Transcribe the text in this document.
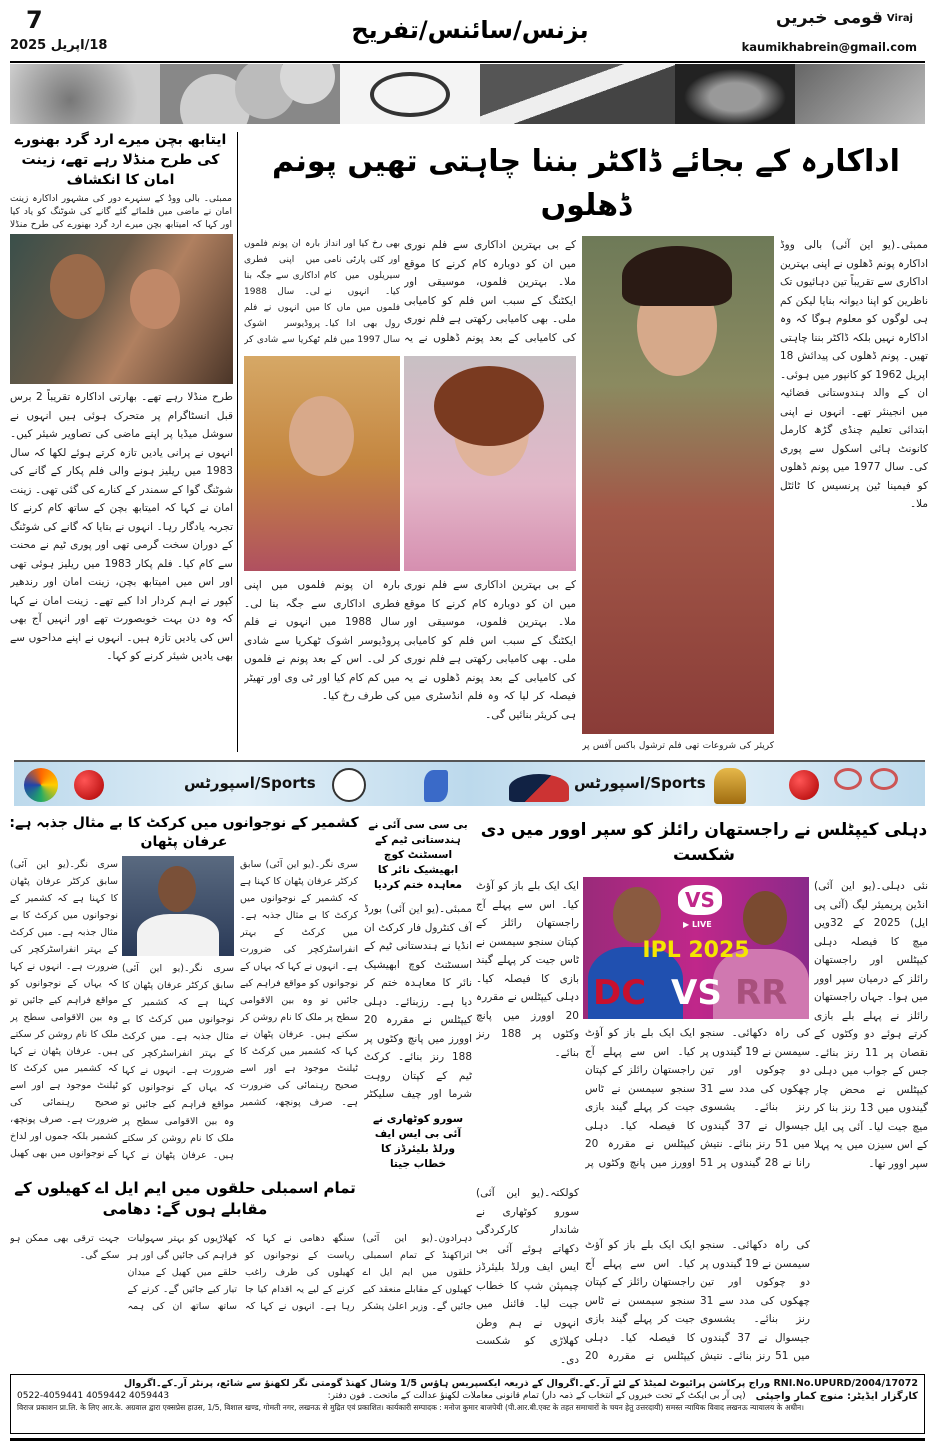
7
18/اپریل 2025
بزنس/سائنس/تفریح	قومی خبریں Viraj
kaumikhabrein@gmail.com
ایتابھ بچن میرے ارد گرد بھنورے کی طرح منڈلا رہے تھے، زینت امان کا انکشاف
ممبئی۔ بالی ووڈ کے سنہرے دور کی مشہور اداکارہ زینت امان نے ماضی میں فلمائے گئے گانے کی شوٹنگ کو یاد کیا اور کہا کہ امیتابھ بچن میرے ارد گرد بھنورے کی طرح منڈلا
طرح منڈلا رہے تھے۔ بھارتی اداکارہ تقریباً 2 برس قبل انسٹاگرام پر متحرک ہوئی ہیں انہوں نے سوشل میڈیا پر اپنے ماضی کی تصاویر شیئر کیں۔ انہوں نے پرانی یادیں تازہ کرتے ہوئے لکھا کہ سال 1983 میں ریلیز ہونے والی فلم پکار کے گانے کی شوٹنگ گوا کے سمندر کے کنارے کی گئی تھی۔ زینت امان نے کہا کہ امیتابھ بچن کے ساتھ کام کرنے کا تجربہ یادگار رہا۔ انہوں نے بتایا کہ گانے کی شوٹنگ کے دوران سخت گرمی تھی اور پوری ٹیم نے محنت سے کام کیا۔ فلم پکار 1983 میں ریلیز ہوئی تھی اور اس میں امیتابھ بچن، زینت امان اور رندھیر کپور نے اہم کردار ادا کیے تھے۔ زینت امان نے کہا کہ وہ دن بہت خوبصورت تھے اور انہیں آج بھی اس کی یادیں تازہ ہیں۔ انہوں نے اپنے مداحوں سے بھی یادیں شیئر کرنے کو کہا۔
اداکارہ کے بجائے ڈاکٹر بننا چاہتی تھیں پونم ڈھلوں
ممبئی۔(یو این آئی) بالی ووڈ اداکارہ پونم ڈھلوں نے اپنی بہترین اداکاری سے تقریباً تین دہائیوں تک ناظرین کو اپنا دیوانہ بنایا لیکن کم ہی لوگوں کو معلوم ہوگا کہ وہ اداکارہ نہیں بلکہ ڈاکٹر بننا چاہتی تھیں۔ پونم ڈھلوں کی پیدائش 18 اپریل 1962 کو کانپور میں ہوئی۔ ان کے والد ہندوستانی فضائیہ میں انجینئر تھے۔ انہوں نے اپنی ابتدائی تعلیم چنڈی گڑھ کارمل کانونٹ ہائی اسکول سے پوری کی۔ سال 1977 میں پونم ڈھلوں کو فیمینا ٹین پرنسیس کا ٹائٹل ملا۔
کریئر کی شروعات تھی فلم ترشول باکس آفس پر
کے بی بہترین اداکاری سے فلم نوری میں ان کو دوبارہ کام کرنے کا موقع ملا۔ بہترین فلموں، موسیقی اور ایکٹنگ کے سبب اس فلم کو کامیابی ملی۔ بھی کامیابی رکھتی ہے فلم نوری کی کامیابی کے بعد پونم ڈھلوں نے یہ
بارہ ان پونم فلموں میں اپنی فطری اداکاری سے جگہ بنا لی۔ سال 1988 میں انہوں نے فلم پروڈیوسر اشوک ٹھکریا سے شادی کر
بھی رخ کیا اور انداز اور کئی پارٹی نامی سیریلوں میں کام کیا۔ انہوں نے فلموں میں ماں کا رول بھی ادا کیا۔ سال 1997 میں فلم
کے بی بہترین اداکاری سے فلم نوری میں ان کو دوبارہ کام کرنے کا موقع ملا۔ بہترین فلموں، موسیقی اور ایکٹنگ کے سبب اس فلم کو کامیابی ملی۔ بھی کامیابی رکھتی ہے فلم نوری کی کامیابی کے بعد پونم ڈھلوں نے یہ فیصلہ کر لیا کہ وہ فلم انڈسٹری میں ہی کریئر بنائیں گی۔
بارہ ان پونم فلموں میں اپنی فطری اداکاری سے جگہ بنا لی۔ سال 1988 میں انہوں نے فلم پروڈیوسر اشوک ٹھکریا سے شادی کر لی۔ اس کے بعد پونم نے فلموں میں کم کام کیا اور ٹی وی اور تھیٹر کی طرف رخ کیا۔
Sports/اسپورٹس	Sports/اسپورٹس
دہلی کیپٹلس نے راجستھان رائلز کو سپر اوور میں دی شکست
VS
▶ LIVE
IPL 2025
DC VS RR
نئی دہلی۔(یو این آئی) انڈین پریمیئر لیگ (آئی پی ایل) 2025 کے 32ویں میچ کا فیصلہ دہلی کیپٹلس اور راجستھان رائلز کے درمیان سپر اوور میں ہوا۔ جہاں راجستھان رائلز نے پہلے بلے بازی کرتے ہوئے دو وکٹوں کے نقصان پر 11 رنز بنائے۔ جس کے جواب میں دہلی کیپٹلس نے محض چار گیندوں میں 13 رنز بنا کر میچ جیت لیا۔ آئی پی ایل کے اس سیزن میں یہ پہلا سپر اوور تھا۔
کی راہ دکھائی۔ سنجو سیمسن نے 19 گیندوں پر دو چوکوں اور تین چھکوں کی مدد سے 31 رنز بنائے۔ یشسوی جیسوال نے 37 گیندوں میں 51 رنز بنائے۔ نتیش رانا نے 28 گیندوں پر 51
ایک ایک بلے باز کو آؤٹ کیا۔ اس سے پہلے آج راجستھان رائلز کے کپتان سنجو سیمسن نے ٹاس جیت کر پہلے گیند بازی کا فیصلہ کیا۔ دہلی کیپٹلس نے مقررہ 20 اوورز میں پانچ وکٹوں پر
کی راہ دکھائی۔ سنجو سیمسن نے 19 گیندوں پر دو چوکوں اور تین چھکوں کی مدد سے 31 رنز بنائے۔ یشسوی جیسوال نے 37 گیندوں میں 51 رنز بنائے۔ نتیش
ایک ایک بلے باز کو آؤٹ کیا۔ اس سے پہلے آج راجستھان رائلز کے کپتان سنجو سیمسن نے ٹاس جیت کر پہلے گیند بازی کا فیصلہ کیا۔ دہلی کیپٹلس نے مقررہ 20
ایک ایک بلے باز کو آؤٹ کیا۔ اس سے پہلے آج راجستھان رائلز کے کپتان سنجو سیمسن نے ٹاس جیت کر پہلے گیند بازی کا فیصلہ کیا۔ دہلی کیپٹلس نے مقررہ 20 اوورز میں پانچ وکٹوں پر 188 رنز بنائے۔
بی سی سی آئی نے ہندستانی ٹیم کے اسسٹنٹ کوچ ابھیشیک نائر کا معاہدہ ختم کردیا
ممبئی۔(یو این آئی) بورڈ آف کنٹرول فار کرکٹ ان انڈیا نے ہندستانی ٹیم کے اسسٹنٹ کوچ ابھیشیک نائر کا معاہدہ ختم کر دیا ہے۔ رزبنائے۔ دہلی کیپٹلس نے مقررہ 20 اوورز میں پانچ وکٹوں پر 188 رنز بنائے۔ کرکٹ ٹیم کے کپتان روہت شرما اور چیف سلیکٹر
سورو کوٹھاری نے آئی بی ایس ایف ورلڈ بلیئرڈز کا خطاب جیتا
کولکتہ۔(یو این آئی) سورو کوٹھاری نے شاندار کارکردگی دکھاتے ہوئے آئی بی ایس ایف ورلڈ بلیئرڈز چیمپئن شپ کا خطاب جیت لیا۔ فائنل میں انہوں نے ہم وطن کھلاڑی کو شکست دی۔
کشمیر کے نوجوانوں میں کرکٹ کا بے مثال جذبہ ہے: عرفان پٹھان
سری نگر۔(یو این آئی) سابق کرکٹر عرفان پٹھان کا کہنا ہے کہ کشمیر کے نوجوانوں میں کرکٹ کا بے مثال جذبہ ہے۔ میں کرکٹ کے بہتر انفراسٹرکچر کی ضرورت ہے۔ انہوں نے کہا کہ یہاں کے نوجوانوں کو مواقع فراہم کیے جائیں تو وہ بین الاقوامی سطح پر ملک کا نام روشن کر سکتے ہیں۔ عرفان پٹھان نے کہا کہ کشمیر میں کرکٹ کا ٹیلنٹ موجود ہے اور اسے صحیح رہنمائی کی ضرورت ہے۔ صرف پونچھ، کشمیر
سری نگر۔(یو این آئی) سابق کرکٹر عرفان پٹھان کا کہنا ہے کہ کشمیر کے نوجوانوں میں کرکٹ کا بے مثال جذبہ ہے۔ میں کرکٹ کے بہتر انفراسٹرکچر کی ضرورت ہے۔ انہوں نے کہا کہ یہاں کے نوجوانوں کو مواقع فراہم کیے جائیں تو وہ بین الاقوامی سطح پر ملک کا نام روشن کر سکتے ہیں۔ عرفان پٹھان نے کہا کہ کشمیر میں کرکٹ کا ٹیلنٹ موجود ہے اور اسے صحیح رہنمائی کی ضرورت ہے۔ صرف پونچھ، کشمیر بلکہ جموں اور لداخ کے نوجوانوں میں بھی کھیل
سری نگر۔(یو این آئی) سابق کرکٹر عرفان پٹھان کا کہنا ہے کہ کشمیر کے نوجوانوں میں کرکٹ کا بے مثال جذبہ ہے۔ میں کرکٹ کے بہتر انفراسٹرکچر کی ضرورت ہے۔ انہوں نے کہا کہ یہاں کے نوجوانوں کو مواقع فراہم کیے جائیں تو وہ بین الاقوامی سطح پر ملک کا نام روشن کر سکتے ہیں۔ عرفان پٹھان نے کہا
تمام اسمبلی حلقوں میں ایم ایل اے کھیلوں کے مقابلے ہوں گے: دھامی
دہرادون۔(یو این آئی) اتراکھنڈ کے تمام اسمبلی حلقوں میں ایم ایل اے کھیلوں کے مقابلے منعقد کیے جائیں گے۔ وزیر اعلیٰ پشکر سنگھ دھامی نے کہا کہ ریاست کے نوجوانوں کو کھیلوں کی طرف راغب کرنے کے لیے یہ اقدام کیا جا رہا ہے۔ انہوں نے کہا کہ کھلاڑیوں کو بہتر سہولیات فراہم کی جائیں گی اور ہر حلقے میں کھیل کے میدان تیار کیے جائیں گے۔ کرنے کے ساتھ ساتھ ان کی ہمہ جہت ترقی بھی ممکن ہو سکے گی۔
RNI.No.UPURD/2004/17072 وراج پرکاشن پرائیوٹ لمیٹڈ کے لئے آر۔کے۔اگروال کے ذریعہ ایکسپریس ہاؤس 1/5 وشال کھنڈ گومتی نگر لکھنؤ سے شائع، پرنٹر آر۔کے۔اگروال
کارگزار ایڈیٹر: منوج کمار واجپئی
(پی آر بی ایکٹ کے تحت خبروں کے انتخاب کے ذمہ دار) تمام قانونی معاملات لکھنؤ عدالت کے ماتحت۔ فون دفتر:
0522-4059441 4059442 4059443
विराज प्रकाशन प्रा.लि. के लिए आर.के. अग्रवाल द्वारा एक्सप्रेस हाउस, 1/5, विशाल खण्ड, गोमती नगर, लखनऊ से मुद्रित एवं प्रकाशित। कार्यकारी सम्पादक : मनोज कुमार बाजपेयी (पी.आर.बी.एक्ट के तहत समाचारों के चयन हेतु उत्तरदायी) समस्त न्यायिक विवाद लखनऊ न्यायालय के अधीन।
